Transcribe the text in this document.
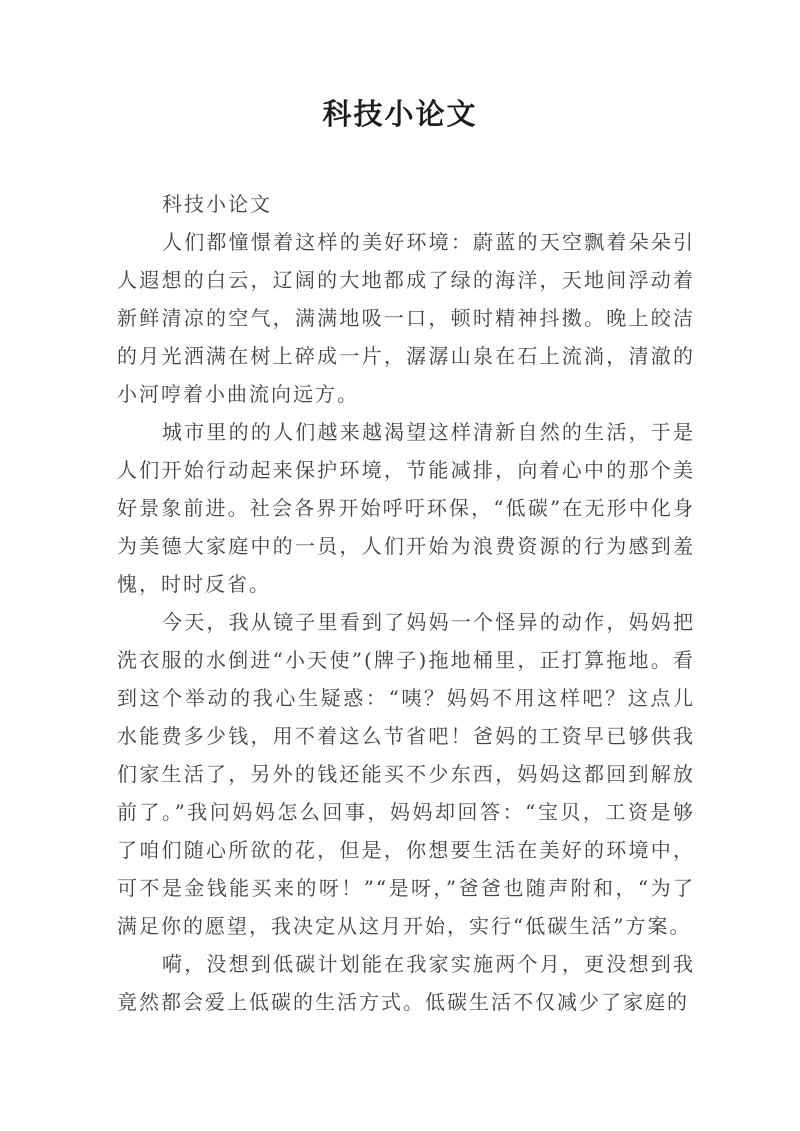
科技小论文

科技小论文

人们都憧憬着这样的美好环境：蔚蓝的天空飘着朵朵引人遐想的白云，辽阔的大地都成了绿的海洋，天地间浮动着新鲜清凉的空气，满满地吸一口，顿时精神抖擞。晚上皎洁的月光洒满在树上碎成一片，潺潺山泉在石上流淌，清澈的小河哼着小曲流向远方。

城市里的的人们越来越渴望这样清新自然的生活，于是人们开始行动起来保护环境，节能减排，向着心中的那个美好景象前进。社会各界开始呼吁环保，“低碳”在无形中化身为美德大家庭中的一员，人们开始为浪费资源的行为感到羞愧，时时反省。

今天，我从镜子里看到了妈妈一个怪异的动作，妈妈把洗衣服的水倒进“小天使”(牌子)拖地桶里，正打算拖地。看到这个举动的我心生疑惑：“咦？妈妈不用这样吧？这点儿水能费多少钱，用不着这么节省吧！爸妈的工资早已够供我们家生活了，另外的钱还能买不少东西，妈妈这都回到解放前了。”我问妈妈怎么回事，妈妈却回答：“宝贝，工资是够了咱们随心所欲的花，但是，你想要生活在美好的环境中，可不是金钱能买来的呀！”“是呀，”爸爸也随声附和，“为了满足你的愿望，我决定从这月开始，实行“低碳生活”方案。

嗬，没想到低碳计划能在我家实施两个月，更没想到我竟然都会爱上低碳的生活方式。低碳生活不仅减少了家庭的
